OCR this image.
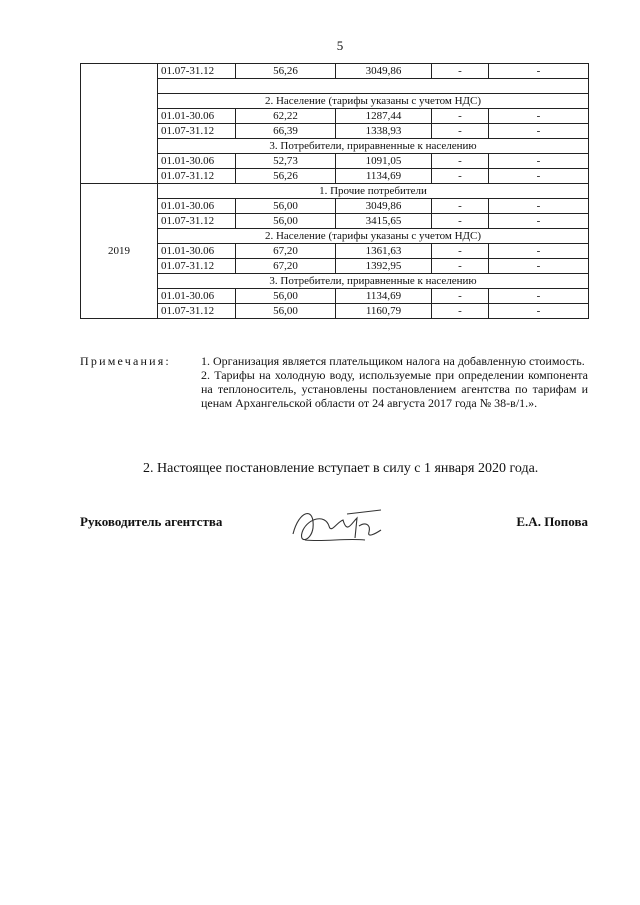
5
	01.07-31.12	56,26	3049,86	-	-

	2. Население (тарифы указаны с учетом НДС)				
	01.01-30.06	62,22	1287,44	-	-
	01.07-31.12	66,39	1338,93	-	-
	3. Потребители, приравненные к населению				
	01.01-30.06	52,73	1091,05	-	-
	01.07-31.12	56,26	1134,69	-	-
2019	1. Прочие потребители				
	01.01-30.06	56,00	3049,86	-	-
	01.07-31.12	56,00	3415,65	-	-
	2. Население (тарифы указаны с учетом НДС)				
	01.01-30.06	67,20	1361,63	-	-
	01.07-31.12	67,20	1392,95	-	-
	3. Потребители, приравненные к населению				
	01.01-30.06	56,00	1134,69	-	-
	01.07-31.12	56,00	1160,79	-	-
Примечания:	1. Организация является плательщиком налога на добавленную стоимость.

2. Тарифы на холодную воду, используемые при определении компонента на теплоноситель, установлены постановлением агентства по тарифам и ценам Архангельской области от 24 августа 2017 года № 38-в/1.».

2. Настоящее постановление вступает в силу с 1 января 2020 года.
Руководитель агентства	Е.А. Попова
